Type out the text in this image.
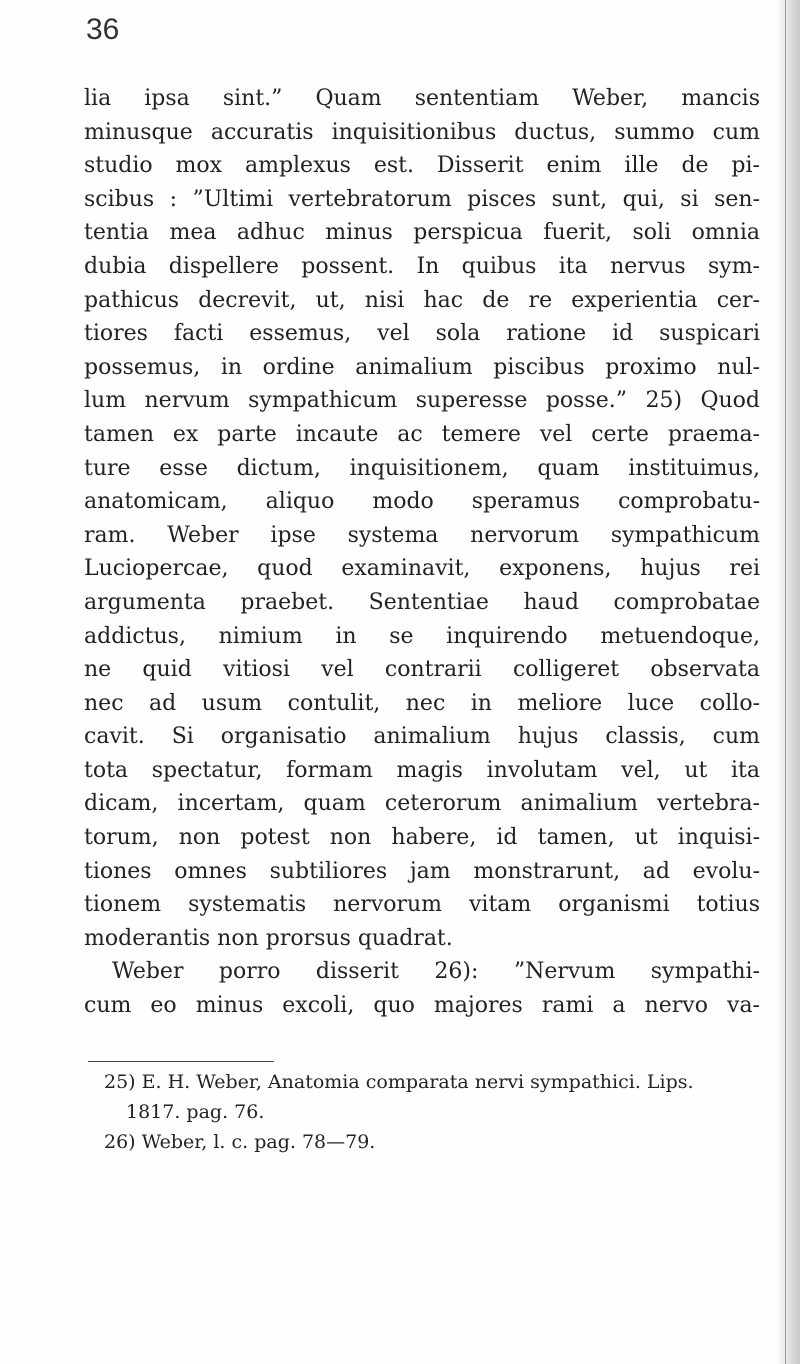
36
lia ipsa sint.” Quam sententiam Weber, mancis
minusque accuratis inquisitionibus ductus, summo cum
studio mox amplexus est. Disserit enim ille de pi-
scibus : ”Ultimi vertebratorum pisces sunt, qui, si sen-
tentia mea adhuc minus perspicua fuerit, soli omnia
dubia dispellere possent. In quibus ita nervus sym-
pathicus decrevit, ut, nisi hac de re experientia cer-
tiores facti essemus, vel sola ratione id suspicari
possemus, in ordine animalium piscibus proximo nul-
lum nervum sympathicum superesse posse.” 25) Quod
tamen ex parte incaute ac temere vel certe praema-
ture esse dictum, inquisitionem, quam instituimus,
anatomicam, aliquo modo speramus comprobatu-
ram. Weber ipse systema nervorum sympathicum
Luciopercae, quod examinavit, exponens, hujus rei
argumenta praebet. Sententiae haud comprobatae
addictus, nimium in se inquirendo metuendoque,
ne quid vitiosi vel contrarii colligeret observata
nec ad usum contulit, nec in meliore luce collo-
cavit. Si organisatio animalium hujus classis, cum
tota spectatur, formam magis involutam vel, ut ita
dicam, incertam, quam ceterorum animalium vertebra-
torum, non potest non habere, id tamen, ut inquisi-
tiones omnes subtiliores jam monstrarunt, ad evolu-
tionem systematis nervorum vitam organismi totius
moderantis non prorsus quadrat.
Weber porro disserit 26): ”Nervum sympathi-
cum eo minus excoli, quo majores rami a nervo va-
25) E. H. Weber, Anatomia comparata nervi sympathici. Lips.
1817. pag. 76.
26) Weber, l. c. pag. 78—79.
